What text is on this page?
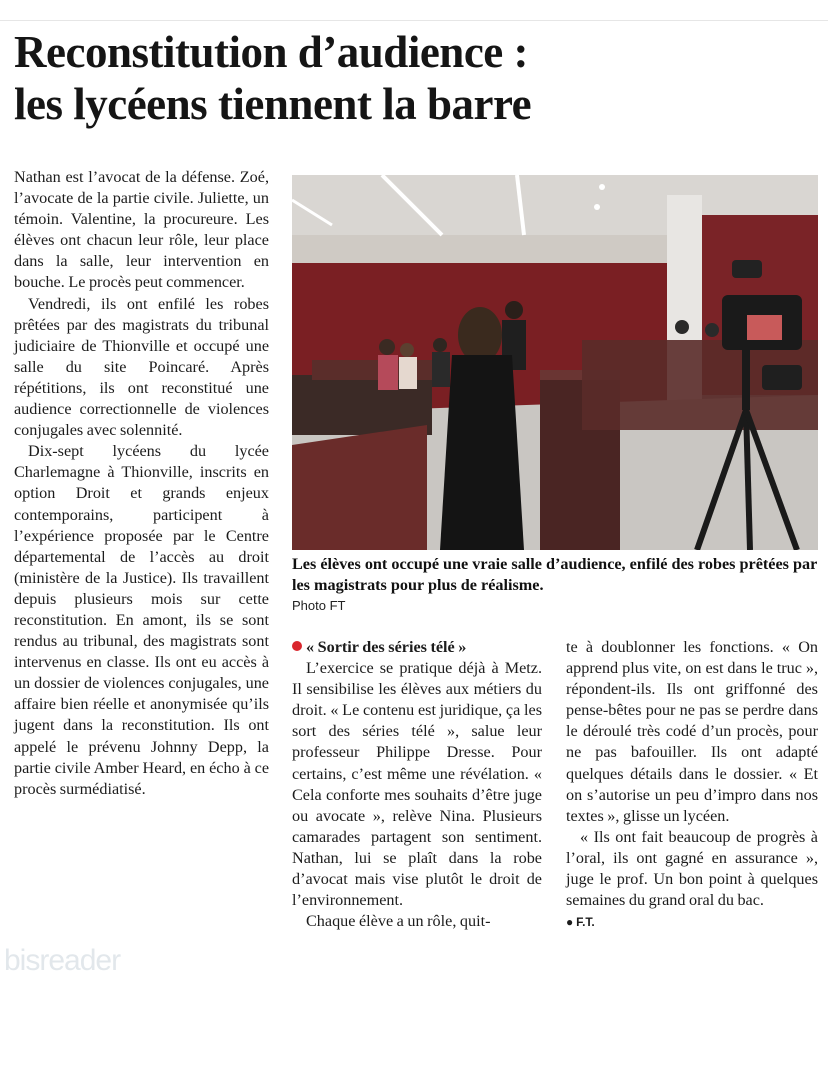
Reconstitution d’audience :
les lycéens tiennent la barre

Nathan est l’avocat de la défense. Zoé, l’avocate de la partie civile. Juliette, un témoin. Valentine, la procureure. Les élèves ont chacun leur rôle, leur place dans la salle, leur intervention en bouche. Le procès peut commencer.

Vendredi, ils ont enfilé les robes prêtées par des magistrats du tribunal judiciaire de Thionville et occupé une salle du site Poincaré. Après répétitions, ils ont reconstitué une audience correctionnelle de violences conjugales avec solennité.

Dix-sept lycéens du lycée Charlemagne à Thionville, inscrits en option Droit et grands enjeux contemporains, participent à l’expérience proposée par le Centre départemental de l’accès au droit (ministère de la Justice). Ils travaillent depuis plusieurs mois sur cette reconstitution. En amont, ils se sont rendus au tribunal, des magistrats sont intervenus en classe. Ils ont eu accès à un dossier de violences conjugales, une affaire bien réelle et anonymisée qu’ils jugent dans la reconstitution. Ils ont appelé le prévenu Johnny Depp, la partie civile Amber Heard, en écho à ce procès surmédiatisé.

Les élèves ont occupé une vraie salle d’audience, enfilé des robes prêtées par les magistrats pour plus de réalisme.
Photo FT

« Sortir des séries télé »

L’exercice se pratique déjà à Metz. Il sensibilise les élèves aux métiers du droit. « Le contenu est juridique, ça les sort des séries télé », salue leur professeur Philippe Dresse. Pour certains, c’est même une révélation. « Cela conforte mes souhaits d’être juge ou avocate », relève Nina. Plusieurs camarades partagent son sentiment. Nathan, lui se plaît dans la robe d’avocat mais vise plutôt le droit de l’environnement.

Chaque élève a un rôle, quit-

te à doublonner les fonctions. « On apprend plus vite, on est dans le truc », répondent-ils. Ils ont griffonné des pense-bêtes pour ne pas se perdre dans le déroulé très codé d’un procès, pour ne pas bafouiller. Ils ont adapté quelques détails dans le dossier. « Et on s’autorise un peu d’impro dans nos textes », glisse un lycéen.

« Ils ont fait beaucoup de progrès à l’oral, ils ont gagné en assurance », juge le prof. Un bon point à quelques semaines du grand oral du bac.

● F.T.

bisreader
